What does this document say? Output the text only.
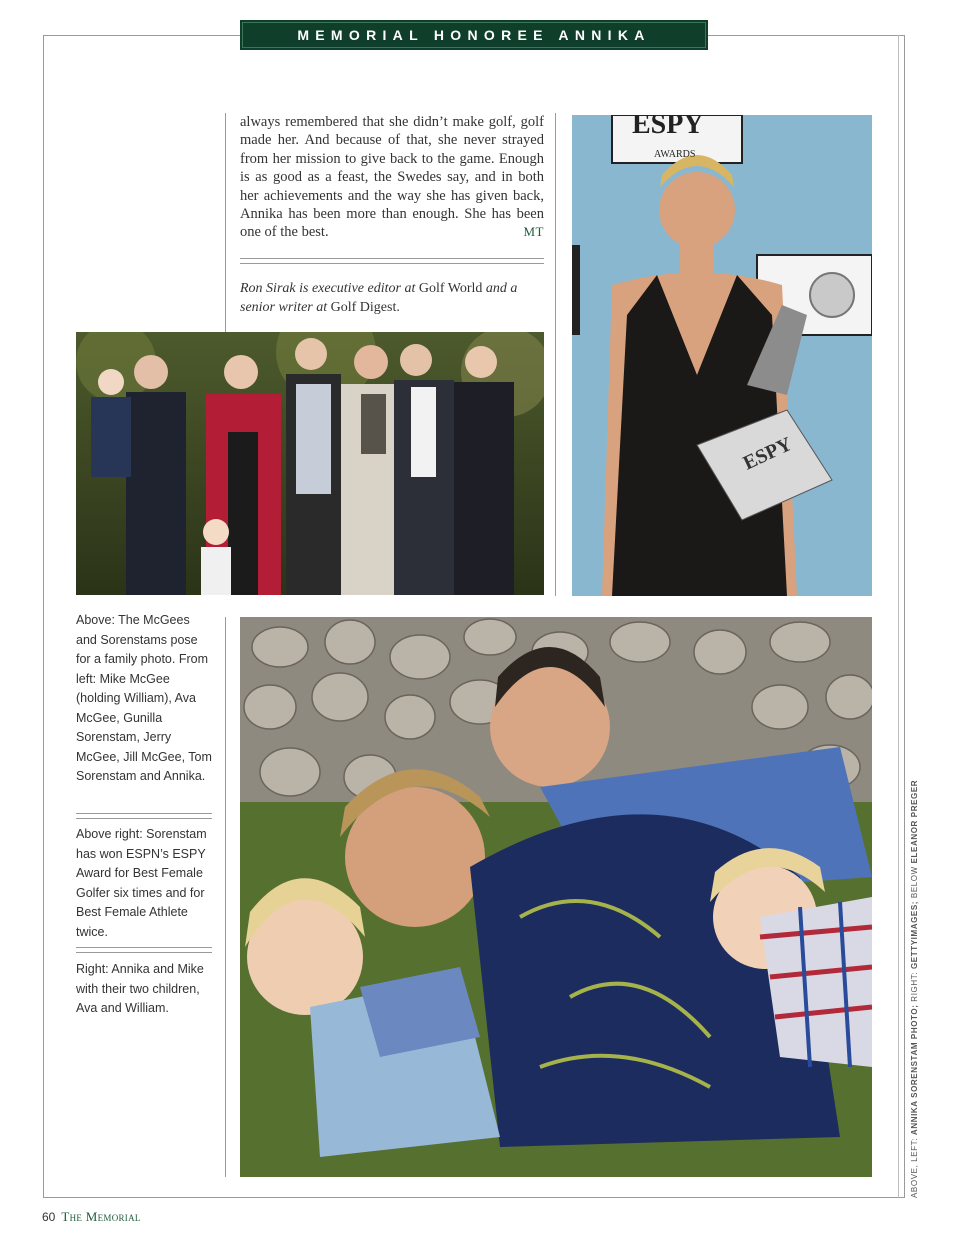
MEMORIAL HONOREE ANNIKA SORENSTAM

always remembered that she didn’t make golf, golf made her. And because of that, she never strayed from her mission to give back to the game. Enough is as good as a feast, the Swedes say, and in both her achievements and the way she has given back, Annika has been more than enough. She has been one of the best.	MT

Ron Sirak is executive editor at Golf World and a senior writer at Golf Digest.

ESPY
AWARDS
ESPY

Above: The McGees and Sorenstams pose for a family photo. From left: Mike McGee (holding William), Ava McGee, Gunilla Sorenstam, Jerry McGee, Jill McGee, Tom Sorenstam and Annika.

Above right: Sorenstam has won ESPN’s ESPY Award for Best Female Golfer six times and for Best Female Athlete twice.

Right: Annika and Mike with their two children, Ava and William.

ABOVE, LEFT: ANNIKA SORENSTAM PHOTO; RIGHT: GETTYIMAGES; BELOW ELEANOR PREGER
60 The Memorial
